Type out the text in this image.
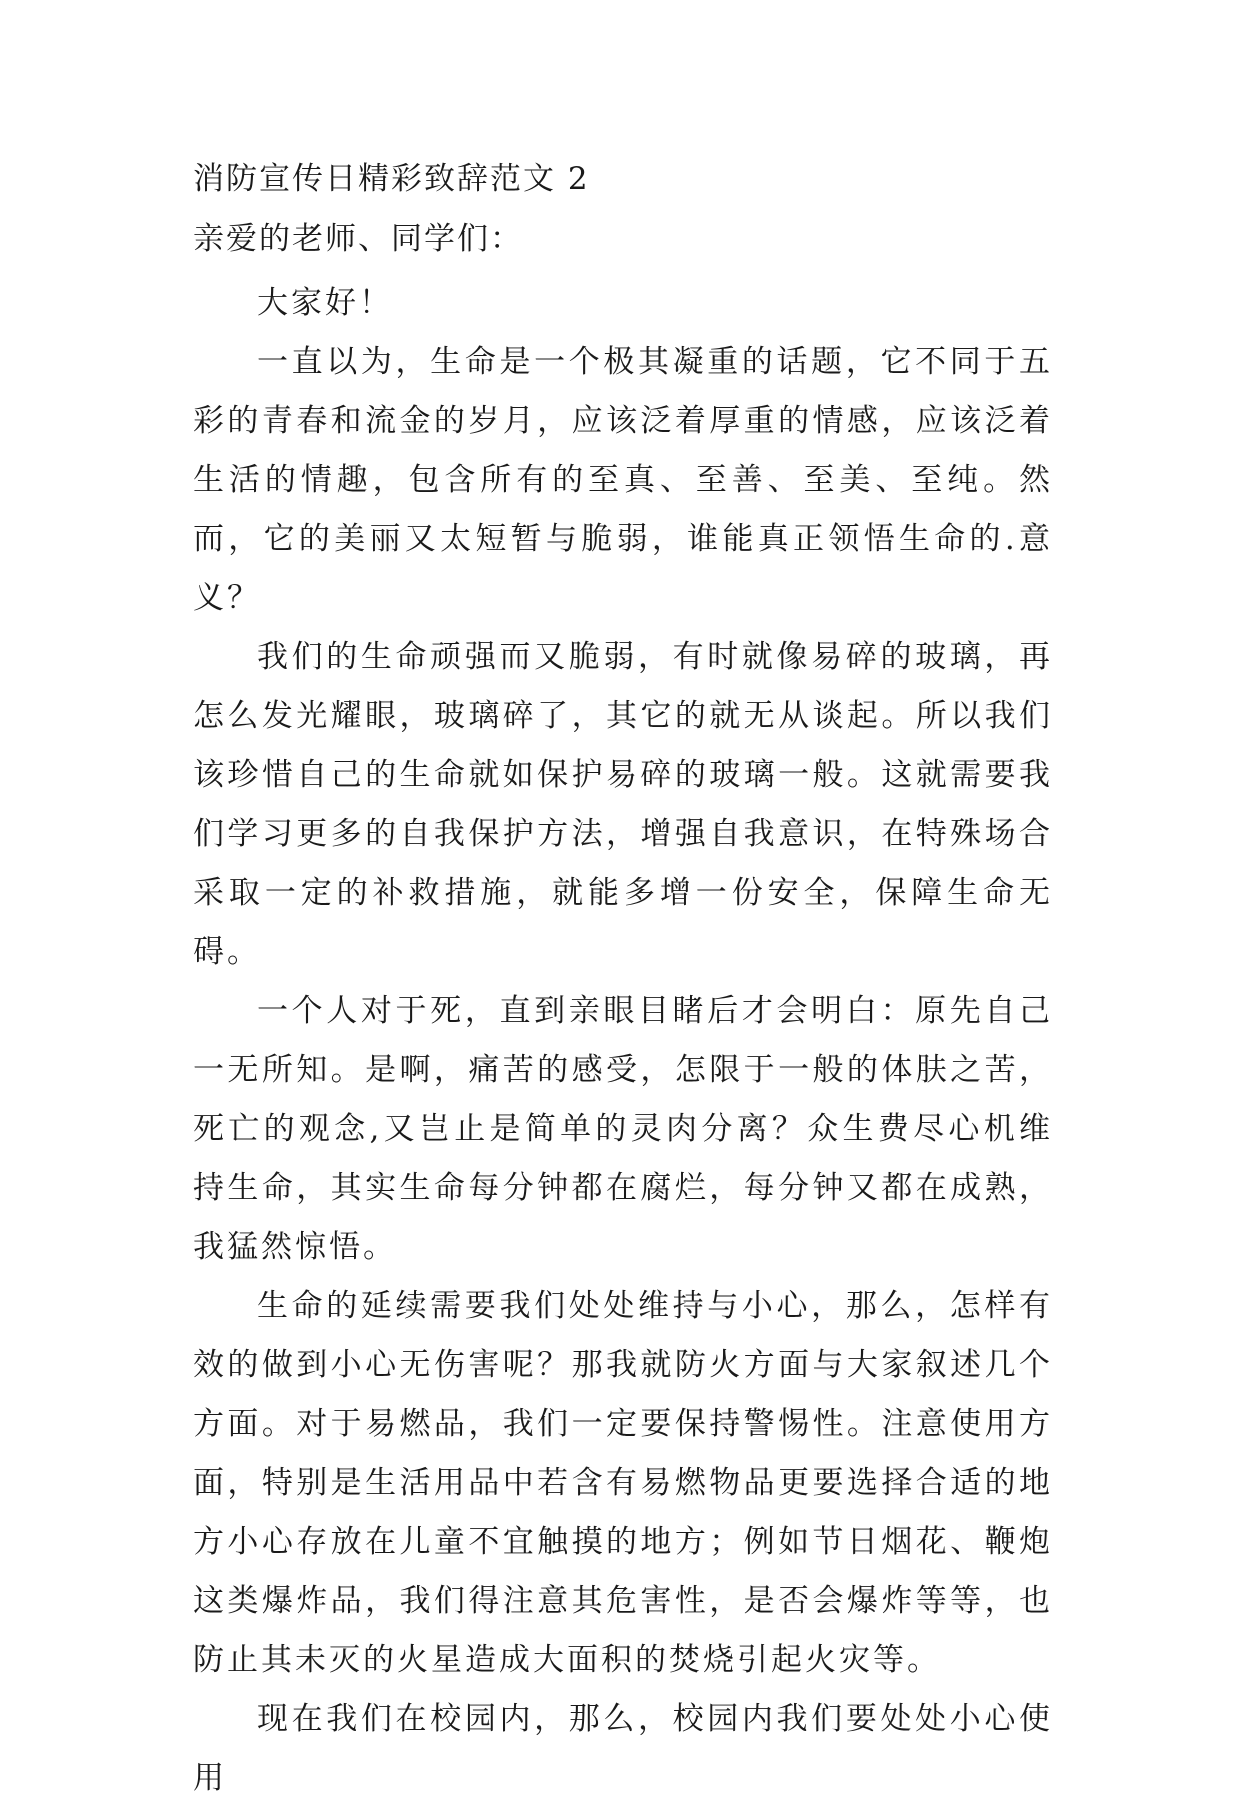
消防宣传日精彩致辞范文 2

亲爱的老师、同学们：

大家好！

一直以为，生命是一个极其凝重的话题，它不同于五彩的青春和流金的岁月，应该泛着厚重的情感，应该泛着生活的情趣，包含所有的至真、至善、至美、至纯。然而，它的美丽又太短暂与脆弱，谁能真正领悟生命的.意义？

我们的生命顽强而又脆弱，有时就像易碎的玻璃，再怎么发光耀眼，玻璃碎了，其它的就无从谈起。所以我们该珍惜自己的生命就如保护易碎的玻璃一般。这就需要我们学习更多的自我保护方法，增强自我意识，在特殊场合采取一定的补救措施，就能多增一份安全，保障生命无碍。

一个人对于死，直到亲眼目睹后才会明白：原先自己一无所知。是啊，痛苦的感受，怎限于一般的体肤之苦，死亡的观念,又岂止是简单的灵肉分离？众生费尽心机维持生命，其实生命每分钟都在腐烂，每分钟又都在成熟，我猛然惊悟。

生命的延续需要我们处处维持与小心，那么，怎样有效的做到小心无伤害呢？那我就防火方面与大家叙述几个方面。对于易燃品，我们一定要保持警惕性。注意使用方面，特别是生活用品中若含有易燃物品更要选择合适的地方小心存放在儿童不宜触摸的地方；例如节日烟花、鞭炮这类爆炸品，我们得注意其危害性，是否会爆炸等等，也防止其未灭的火星造成大面积的焚烧引起火灾等。

现在我们在校园内，那么，校园内我们要处处小心使用
